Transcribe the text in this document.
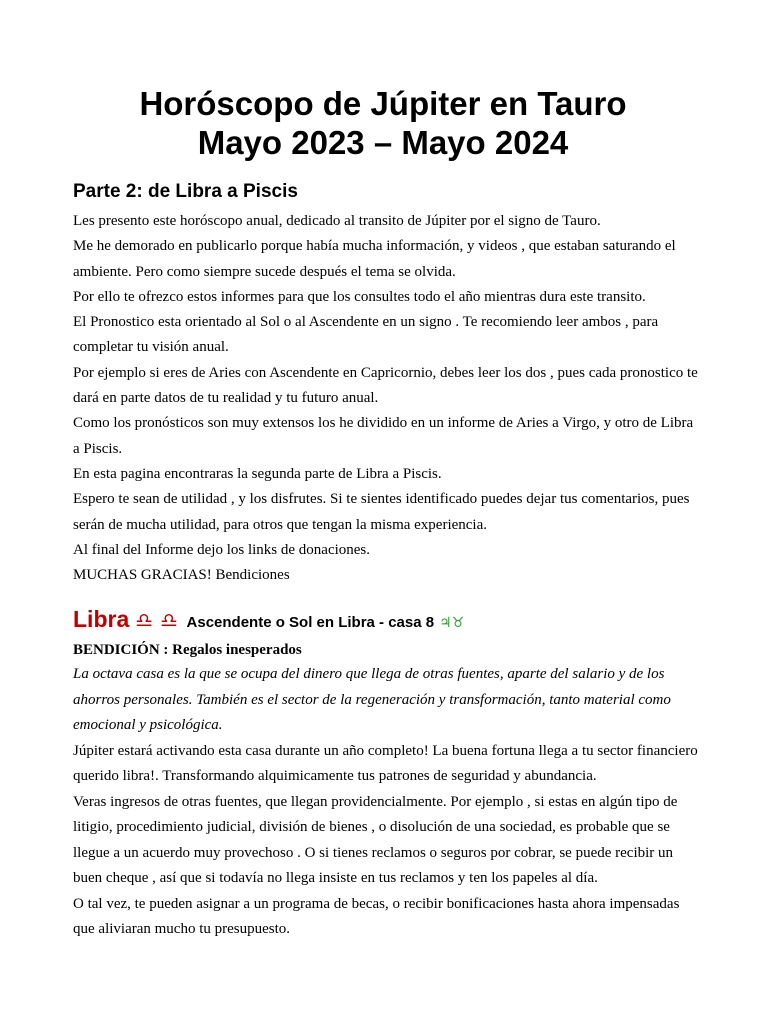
Horóscopo de Júpiter en Tauro
Mayo 2023 – Mayo 2024
Parte 2: de Libra a Piscis

Les presento este horóscopo anual, dedicado al transito de Júpiter por el signo de Tauro.

Me he demorado en publicarlo porque había mucha información, y videos , que estaban saturando el ambiente. Pero como siempre sucede después el tema se olvida.

Por ello te ofrezco estos informes para que los consultes todo el año mientras dura este transito.

El Pronostico esta orientado al Sol o al Ascendente en un signo . Te recomiendo leer ambos , para completar tu visión anual.

Por ejemplo si eres de Aries con Ascendente en Capricornio, debes leer los dos , pues cada pronostico te dará en parte datos de tu realidad y tu futuro anual.

Como los pronósticos son muy extensos los he dividido en un informe de Aries a Virgo, y otro de Libra a Piscis.

En esta pagina encontraras la segunda parte de Libra a Piscis.

Espero te sean de utilidad , y los disfrutes. Si te sientes identificado puedes dejar tus comentarios, pues serán de mucha utilidad, para otros que tengan la misma experiencia.

Al final del Informe dejo los links de donaciones.

MUCHAS GRACIAS! Bendiciones

Libra ♎ ♎︎ Ascendente o Sol en Libra - casa 8 ♃♉

BENDICIÓN : Regalos inesperados

La octava casa es la que se ocupa del dinero que llega de otras fuentes, aparte del salario y de los ahorros personales. También es el sector de la regeneración y transformación, tanto material como emocional y psicológica.

Júpiter estará activando esta casa durante un año completo! La buena fortuna llega a tu sector financiero querido libra!. Transformando alquimicamente tus patrones de seguridad y abundancia.

Veras ingresos de otras fuentes, que llegan providencialmente. Por ejemplo , si estas en algún tipo de litigio, procedimiento judicial, división de bienes , o disolución de una sociedad, es probable que se llegue a un acuerdo muy provechoso . O si tienes reclamos o seguros por cobrar, se puede recibir un buen cheque , así que si todavía no llega insiste en tus reclamos y ten los papeles al día.

O tal vez, te pueden asignar a un programa de becas, o recibir bonificaciones hasta ahora impensadas que aliviaran mucho tu presupuesto.
